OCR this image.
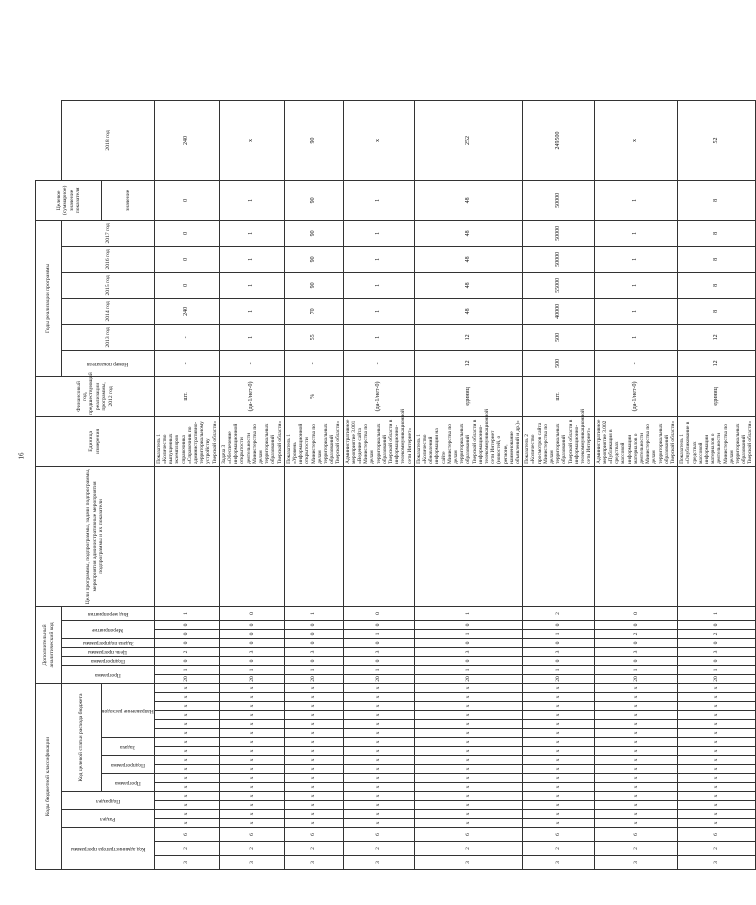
16
Коды бюджетной классификации																			Дополнительный аналитический код								Цели программы, подпрограммы, задачи подпрограммы, мероприятия административные мероприятия подпрограммы и их показатели	Единица измерения	Финансовый год, предшествующий реализации программы, 2012 год	Годы реализации программы						Целевое (суммарное) значение показателя	

Код администратора программы			Раздел		Подраздел		Код целевой статьи расхода бюджета												Программа		Подпрограмма	Цель программы	Задача подпрограммы	Мероприятие		Вид мероприятия				Номер показателя	2013 год	2014 год	2015 год	2016 год	2017 год		2018 год

							Программа		Подпрограмма		Задача		Направление расходов																							значение	
3	2	6	х	х	х	х	х	х	х	х	х	х	х	х	х	х	х	х	20	1	0	2	0	0	0	1		Показатель 1 «Количество выпущенных экземпляров справочника «Справочник по административно-территориальному устройству Тверской области»	шт.	-	-	240	0	0	0	0	240
3	2	6	х	х	х	х	х	х	х	х	х	х	х	х	х	х	х	х	20	1	0	3	0	0	0	0		Задача 3 «Обеспечение информационной открытости деятельности Министерства по делам территориальных образований Тверской области»	(да-1/нет-0)	-	1	1	1	1	1	1	х
3	2	6	х	х	х	х	х	х	х	х	х	х	х	х	х	х	х	х	20	1	0	3	0	0	0	1		Показатель 1 «Уровень информационной открытости Министерства по делам территориальных образований Тверской области»	%	-	55	70	90	90	90	90	90
3	2	6	х	х	х	х	х	х	х	х	х	х	х	х	х	х	х	х	20	1	0	3	0	1	0	0		Административное мероприятие 3.001 «Ведение сайта Министерства по делам территориальных образований Тверской области в информационно-телекоммуникационной сети Интернет»	(да-1/нет-0)	-	1	1	1	1	1	1	х
3	2	6	х	х	х	х	х	х	х	х	х	х	х	х	х	х	х	х	20	1	0	3	0	1	0	1		Показатель 1 «Количество обновлений информации на сайте Министерства по делам территориальных образований Тверской области в информационно-телекоммуникационной сети Интернет (новостей, о регионе, наименование объявлений и др.)»	единиц	12	12	48	48	48	48	48	252
3	2	6	х	х	х	х	х	х	х	х	х	х	х	х	х	х	х	х	20	1	0	3	0	1	0	2		Показатель 2 «Количество просмотров сайта Министерства по делам территориальных образований Тверской области в информационно-телекоммуникационной сети Интернет»	шт.	500	500	40000	55000	50000	50000	50000	249500
3	2	6	х	х	х	х	х	х	х	х	х	х	х	х	х	х	х	х	20	1	0	3	0	2	0	0		Административное мероприятие 3.002 «Публикация в средствах массовой информации материалов о деятельности Министерства по делам территориальных образований Тверской области»	(да-1/нет-0)	-	1	1	1	1	1	1	х
3	2	6	х	х	х	х	х	х	х	х	х	х	х	х	х	х	х	х	20	1	0	3	0	2	0	1		Показатель 1 «Опубликование в средствах массовой информации материалов о деятельности Министерства по делам территориальных образований Тверской области»	единиц	12	12	8	8	8	8	8	52
